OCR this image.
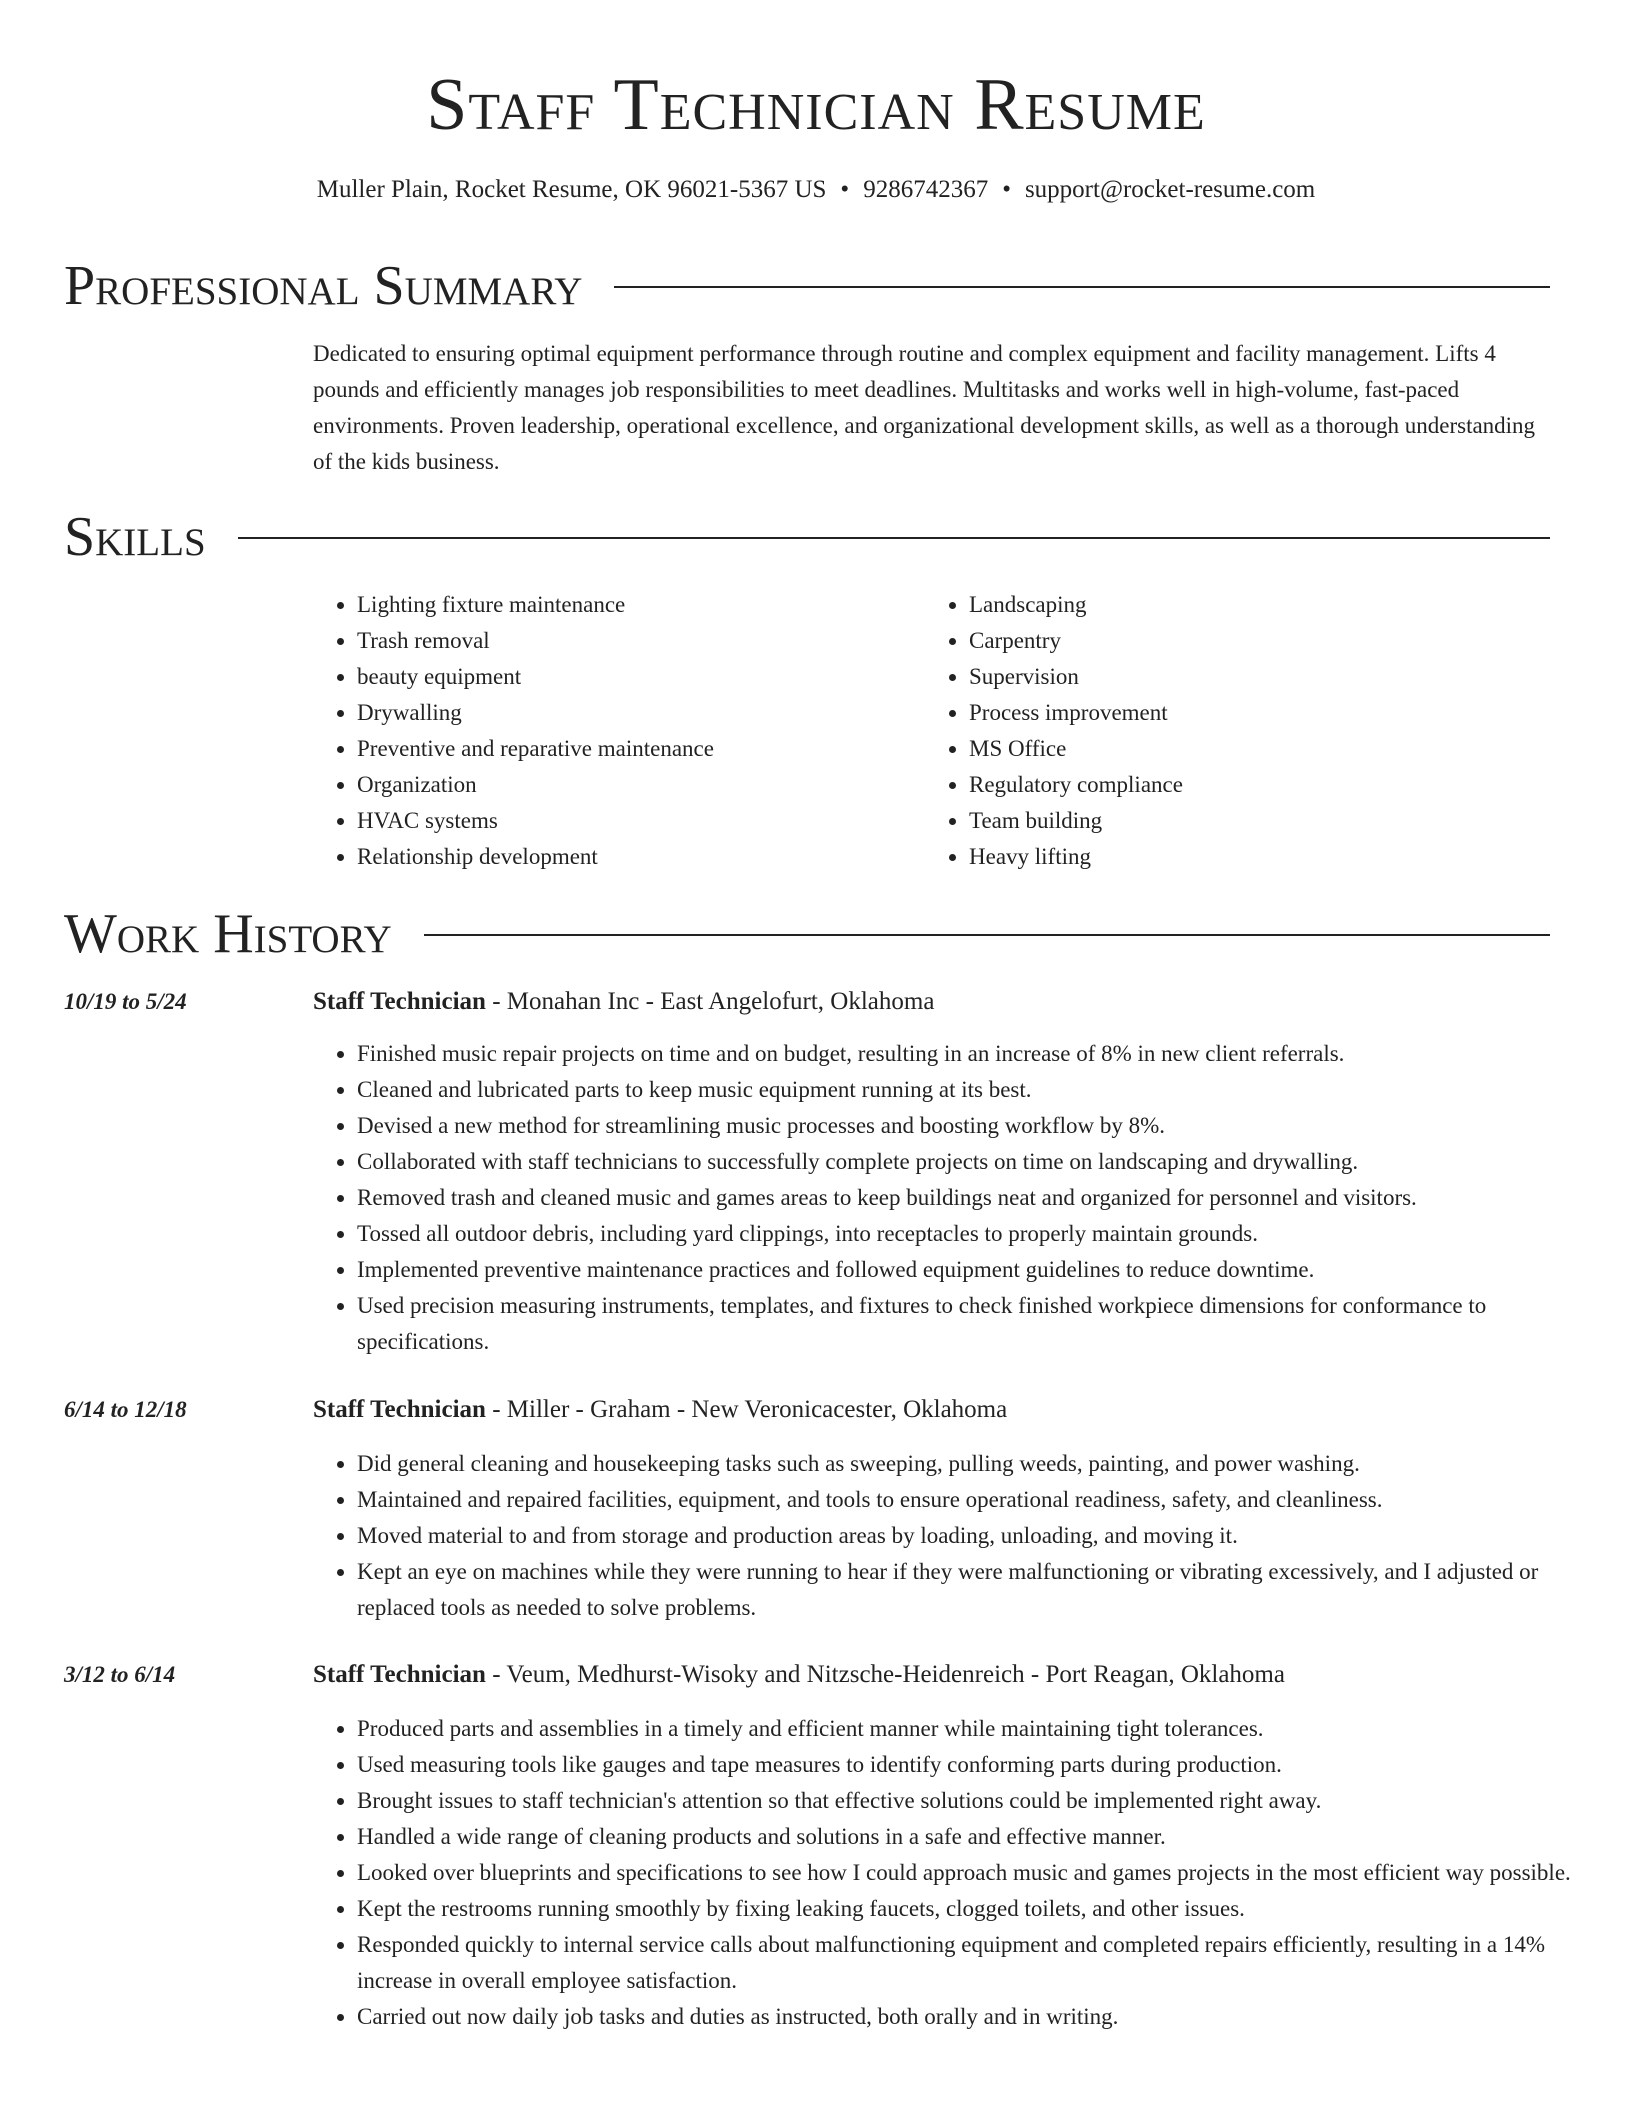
Staff Technician Resume
Muller Plain, Rocket Resume, OK 96021-5367 US • 9286742367 • support@rocket-resume.com
Professional Summary
Dedicated to ensuring optimal equipment performance through routine and complex equipment and facility management. Lifts 4 pounds and efficiently manages job responsibilities to meet deadlines. Multitasks and works well in high-volume, fast-paced environments. Proven leadership, operational excellence, and organizational development skills, as well as a thorough understanding of the kids business.
Skills
• Lighting fixture maintenance
• Trash removal
• beauty equipment
• Drywalling
• Preventive and reparative maintenance
• Organization
• HVAC systems
• Relationship development
• Landscaping
• Carpentry
• Supervision
• Process improvement
• MS Office
• Regulatory compliance
• Team building
• Heavy lifting
Work History
10/19 to 5/24	Staff Technician - Monahan Inc - East Angelofurt, Oklahoma
• Finished music repair projects on time and on budget, resulting in an increase of 8% in new client referrals.
• Cleaned and lubricated parts to keep music equipment running at its best.
• Devised a new method for streamlining music processes and boosting workflow by 8%.
• Collaborated with staff technicians to successfully complete projects on time on landscaping and drywalling.
• Removed trash and cleaned music and games areas to keep buildings neat and organized for personnel and visitors.
• Tossed all outdoor debris, including yard clippings, into receptacles to properly maintain grounds.
• Implemented preventive maintenance practices and followed equipment guidelines to reduce downtime.
• Used precision measuring instruments, templates, and fixtures to check finished workpiece dimensions for conformance to specifications.
6/14 to 12/18	Staff Technician - Miller - Graham - New Veronicacester, Oklahoma
• Did general cleaning and housekeeping tasks such as sweeping, pulling weeds, painting, and power washing.
• Maintained and repaired facilities, equipment, and tools to ensure operational readiness, safety, and cleanliness.
• Moved material to and from storage and production areas by loading, unloading, and moving it.
• Kept an eye on machines while they were running to hear if they were malfunctioning or vibrating excessively, and I adjusted or replaced tools as needed to solve problems.
3/12 to 6/14	Staff Technician - Veum, Medhurst-Wisoky and Nitzsche-Heidenreich - Port Reagan, Oklahoma
• Produced parts and assemblies in a timely and efficient manner while maintaining tight tolerances.
• Used measuring tools like gauges and tape measures to identify conforming parts during production.
• Brought issues to staff technician's attention so that effective solutions could be implemented right away.
• Handled a wide range of cleaning products and solutions in a safe and effective manner.
• Looked over blueprints and specifications to see how I could approach music and games projects in the most efficient way possible.
• Kept the restrooms running smoothly by fixing leaking faucets, clogged toilets, and other issues.
• Responded quickly to internal service calls about malfunctioning equipment and completed repairs efficiently, resulting in a 14% increase in overall employee satisfaction.
• Carried out now daily job tasks and duties as instructed, both orally and in writing.
